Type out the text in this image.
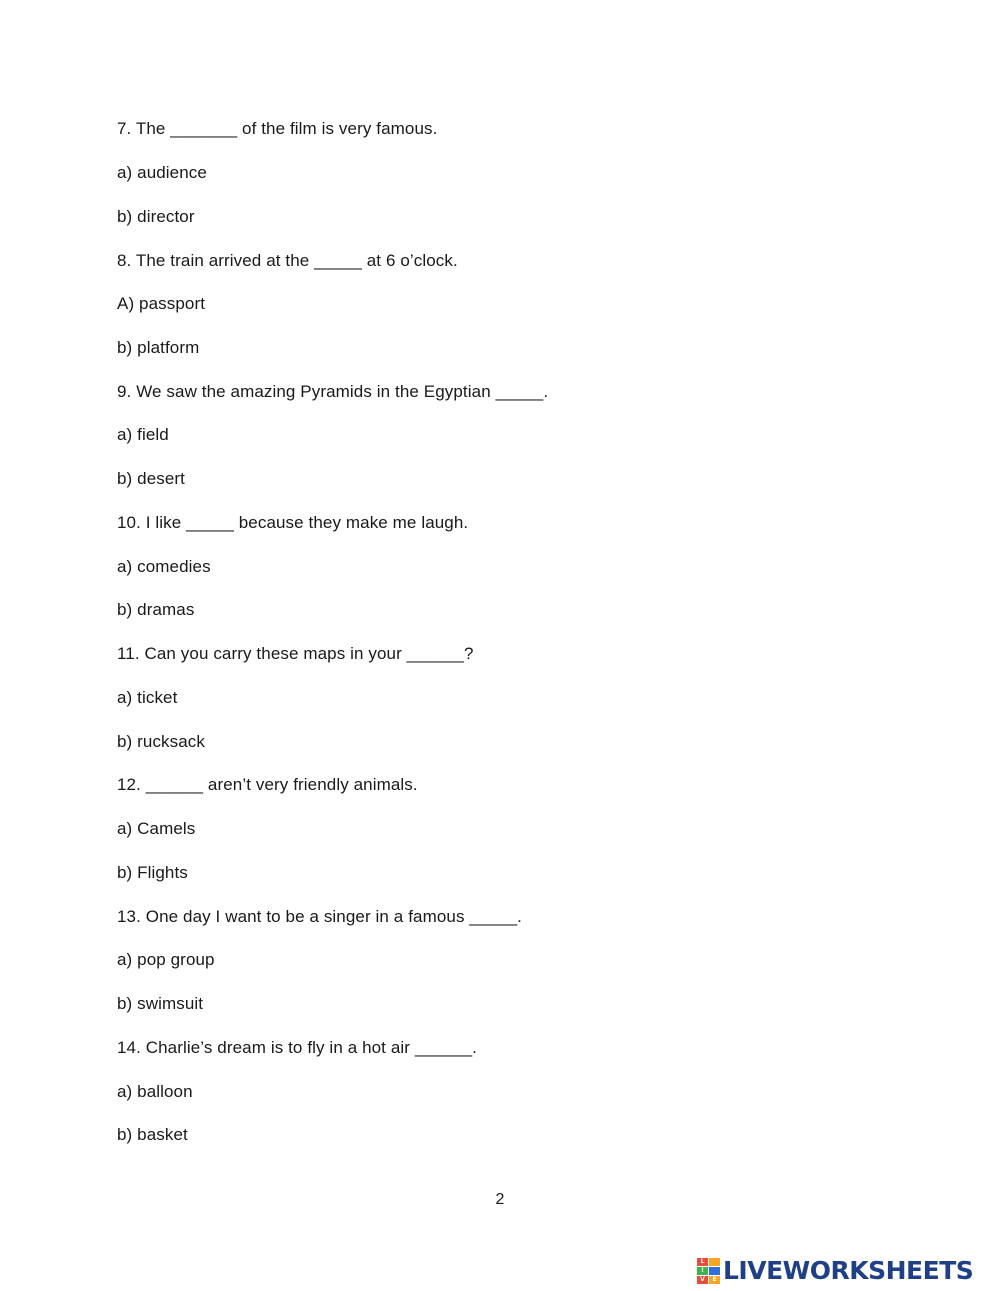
7. The _______ of the film is very famous.
a) audience
b) director
8. The train arrived at the _____ at 6 o’clock.
A) passport
b) platform
9. We saw the amazing Pyramids in the Egyptian _____.
a) field
b) desert
10. I like _____ because they make me laugh.
a) comedies
b) dramas
11. Can you carry these maps in your ______?
a) ticket
b) rucksack
12. ______ aren’t very friendly animals.
a) Camels
b) Flights
13. One day I want to be a singer in a famous _____.
a) pop group
b) swimsuit
14. Charlie’s dream is to fly in a hot air ______.
a) balloon
b) basket
2
L
I
V	E LIVEWORKSHEETS
